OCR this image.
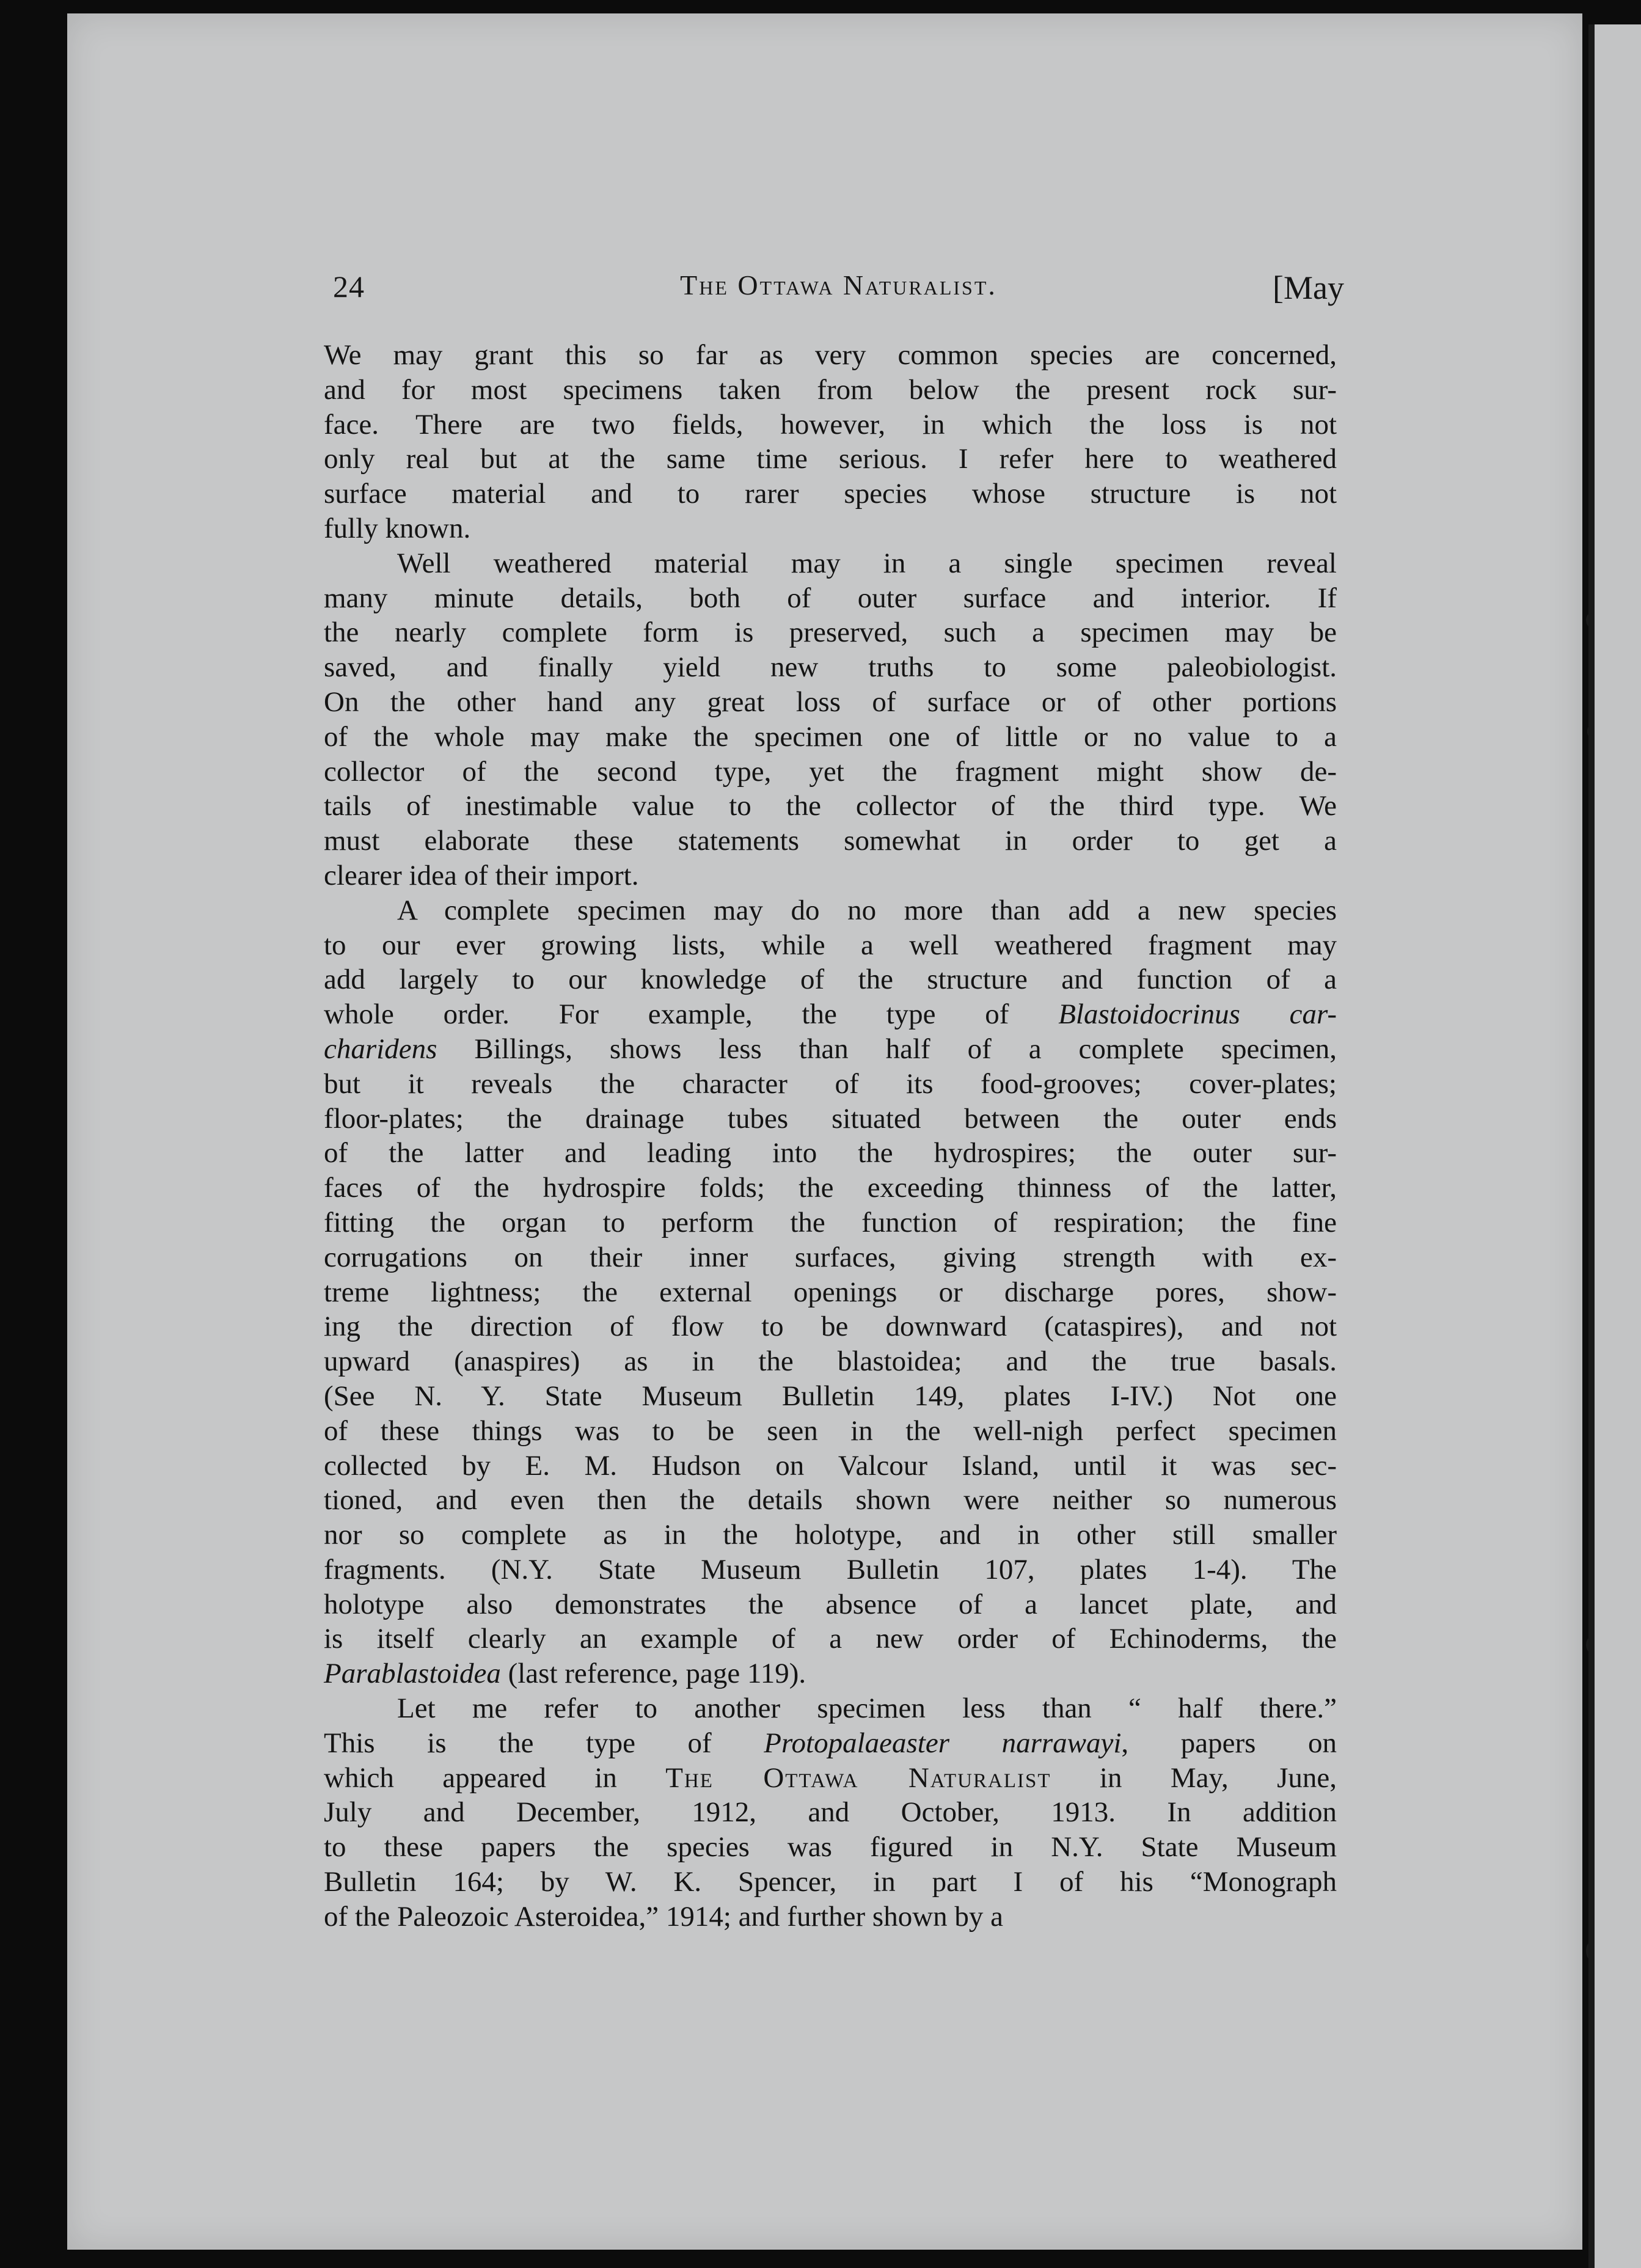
24	The Ottawa Naturalist.	[May
We may grant this so far as very common species are concerned,
and for most specimens taken from below the present rock sur-
face. There are two fields, however, in which the loss is not
only real but at the same time serious. I refer here to weathered
surface material and to rarer species whose structure is not
fully known.
Well weathered material may in a single specimen reveal
many minute details, both of outer surface and interior. If
the nearly complete form is preserved, such a specimen may be
saved, and finally yield new truths to some paleobiologist.
On the other hand any great loss of surface or of other portions
of the whole may make the specimen one of little or no value to a
collector of the second type, yet the fragment might show de-
tails of inestimable value to the collector of the third type. We
must elaborate these statements somewhat in order to get a
clearer idea of their import.
A complete specimen may do no more than add a new species
to our ever growing lists, while a well weathered fragment may
add largely to our knowledge of the structure and function of a
whole order. For example, the type of Blastoidocrinus car-
charidens Billings, shows less than half of a complete specimen,
but it reveals the character of its food-grooves; cover-plates;
floor-plates; the drainage tubes situated between the outer ends
of the latter and leading into the hydrospires; the outer sur-
faces of the hydrospire folds; the exceeding thinness of the latter,
fitting the organ to perform the function of respiration; the fine
corrugations on their inner surfaces, giving strength with ex-
treme lightness; the external openings or discharge pores, show-
ing the direction of flow to be downward (cataspires), and not
upward (anaspires) as in the blastoidea; and the true basals.
(See N. Y. State Museum Bulletin 149, plates I-IV.) Not one
of these things was to be seen in the well-nigh perfect specimen
collected by E. M. Hudson on Valcour Island, until it was sec-
tioned, and even then the details shown were neither so numerous
nor so complete as in the holotype, and in other still smaller
fragments. (N.Y. State Museum Bulletin 107, plates 1-4). The
holotype also demonstrates the absence of a lancet plate, and
is itself clearly an example of a new order of Echinoderms, the
Parablastoidea (last reference, page 119).
Let me refer to another specimen less than “ half there.”
This is the type of Protopalaeaster narrawayi, papers on
which appeared in The Ottawa Naturalist in May, June,
July and December, 1912, and October, 1913. In addition
to these papers the species was figured in N.Y. State Museum
Bulletin 164; by W. K. Spencer, in part I of his “Monograph
of the Paleozoic Asteroidea,” 1914; and further shown by a
